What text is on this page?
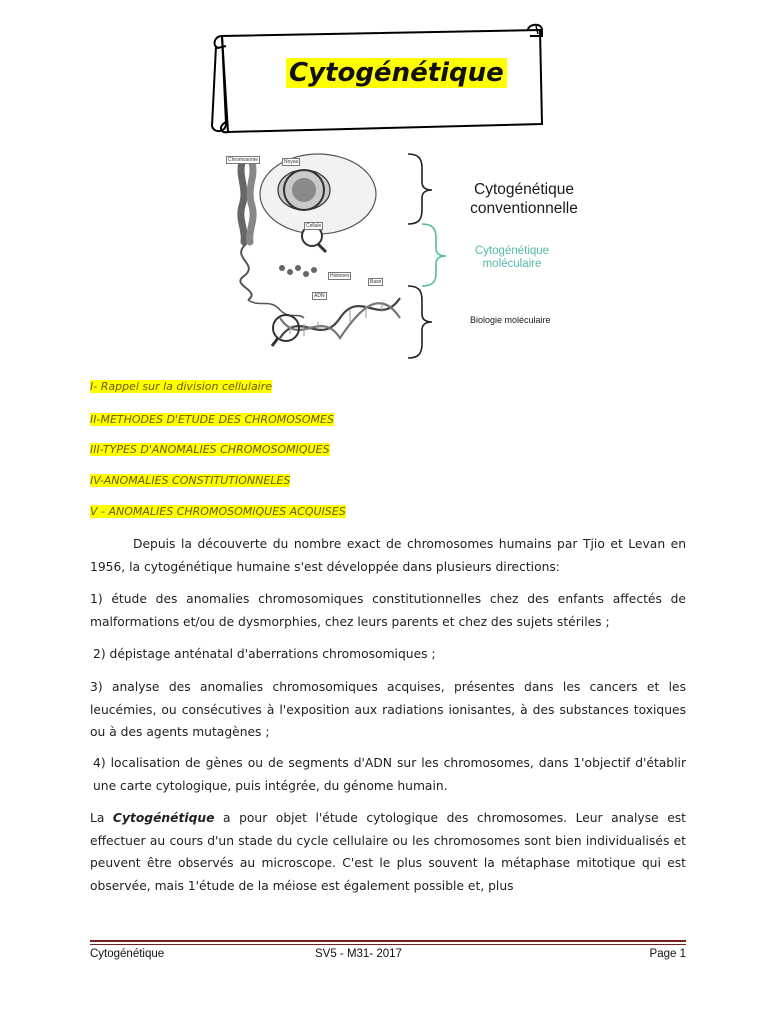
Cytogénétique
Chromosome	Noyau
Cellule
Histones
ADN
Base
Cytogénétique conventionnelle
Cytogénétique moléculaire
Biologie moléculaire
I- Rappel sur la division cellulaire
II-METHODES D'ETUDE DES CHROMOSOMES
III-TYPES D'ANOMALIES CHROMOSOMIQUES
IV-ANOMALIES CONSTITUTIONNELES
V - ANOMALIES CHROMOSOMIQUES ACQUISES

Depuis la découverte du nombre exact de chromosomes humains par Tjio et Levan en 1956, la cytogénétique humaine s'est développée dans plusieurs directions:

1) étude des anomalies chromosomiques constitutionnelles chez des enfants affectés de malformations et/ou de dysmorphies, chez leurs parents et chez des sujets stériles ;

2) dépistage anténatal d'aberrations chromosomiques ;

3) analyse des anomalies chromosomiques acquises, présentes dans les cancers et les leucémies, ou consécutives à l'exposition aux radiations ionisantes, à des substances toxiques ou à des agents mutagènes ;

4) localisation de gènes ou de segments d'ADN sur les chromosomes, dans 1'objectif d'établir une carte cytologique, puis intégrée, du génome humain.

La Cytogénétique a pour objet l'étude cytologique des chromosomes. Leur analyse est effectuer au cours d'un stade du cycle cellulaire ou les chromosomes sont bien individualisés et peuvent être observés au microscope. C'est le plus souvent la métaphase mitotique qui est observée, mais 1'étude de la méiose est également possible et, plus

Cytogénétique	SV5 - M31- 2017	Page 1
